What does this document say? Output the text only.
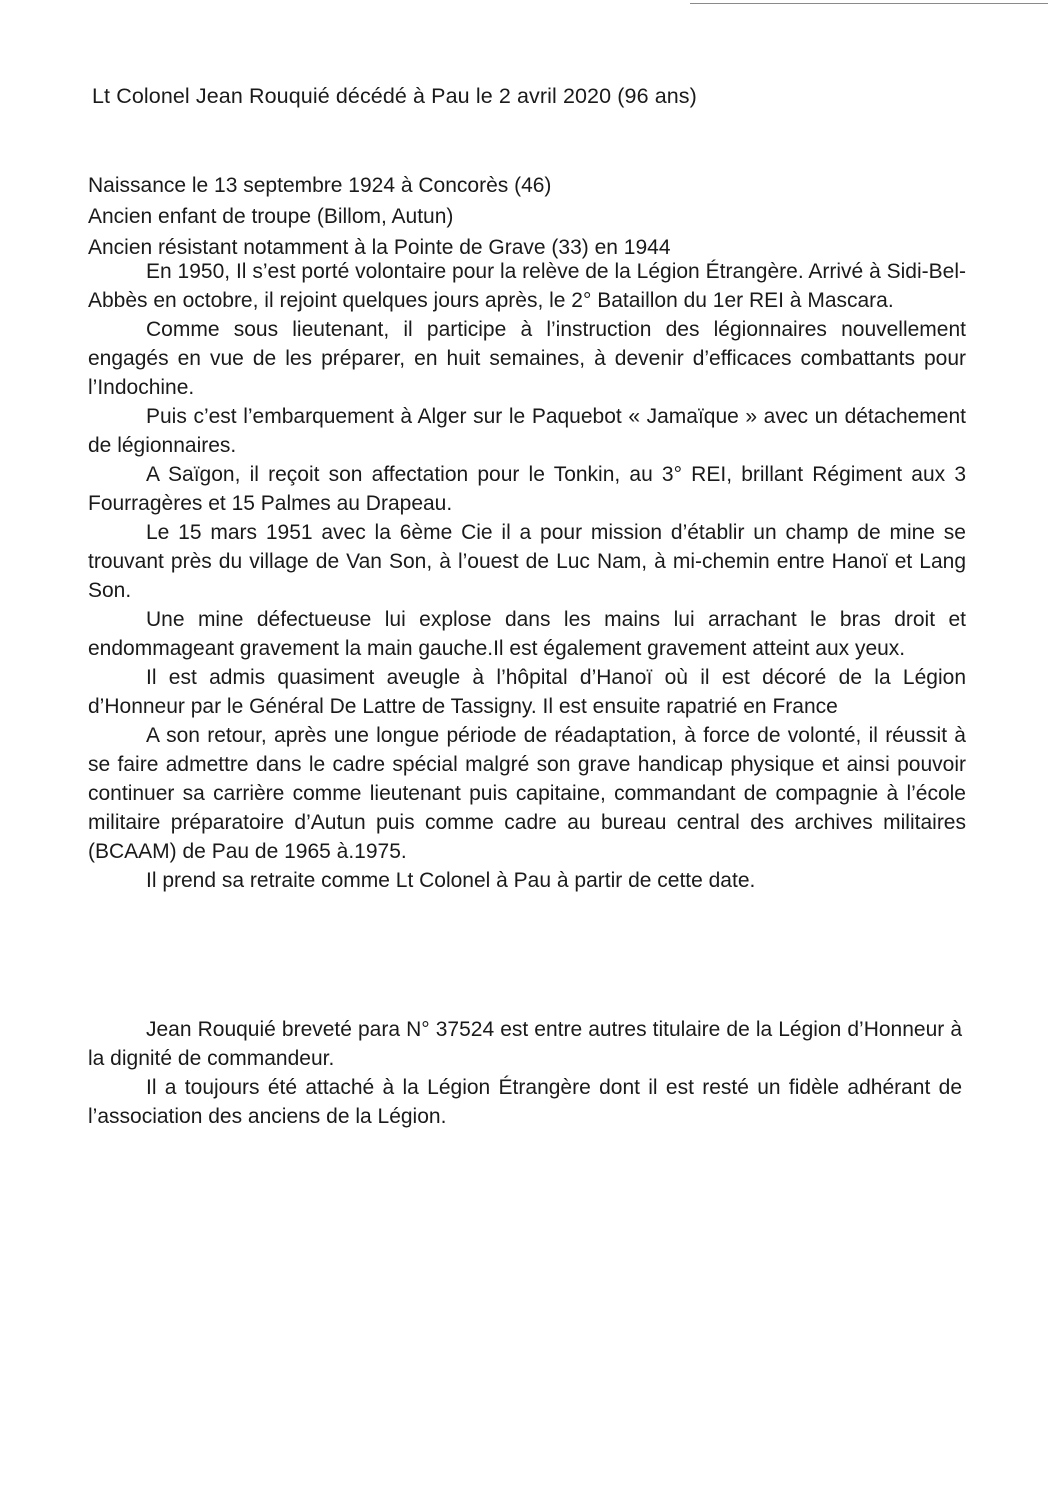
Lt Colonel Jean Rouquié décédé à Pau le 2 avril 2020 (96 ans)
Naissance le 13 septembre 1924 à Concorès (46)
Ancien enfant de troupe (Billom, Autun)
Ancien résistant notamment à la Pointe de Grave (33) en 1944

En 1950, Il s’est porté volontaire pour la relève de la Légion Étrangère. Arrivé à Sidi-Bel-Abbès en octobre, il rejoint quelques jours après, le 2° Bataillon du 1er REI à Mascara.

Comme sous lieutenant, il participe à l’instruction des légionnaires nouvellement engagés en vue de les préparer, en huit semaines, à devenir d’efficaces combattants pour l’Indochine.

Puis c’est l’embarquement à Alger sur le Paquebot « Jamaïque » avec un détachement de légionnaires.

A Saïgon, il reçoit son affectation pour le Tonkin, au 3° REI, brillant Régiment aux 3 Fourragères et 15 Palmes au Drapeau.

Le 15 mars 1951 avec la 6ème Cie il a pour mission d’établir un champ de mine se trouvant près du village de Van Son, à l’ouest de Luc Nam, à mi-chemin entre Hanoï et Lang Son.

Une mine défectueuse lui explose dans les mains lui arrachant le bras droit et endommageant gravement la main gauche.Il est également gravement atteint aux yeux.

Il est admis quasiment aveugle à l’hôpital d’Hanoï où il est décoré de la Légion d’Honneur par le Général De Lattre de Tassigny. Il est ensuite rapatrié en France

A son retour, après une longue période de réadaptation, à force de volonté, il réussit à se faire admettre dans le cadre spécial malgré son grave handicap physique et ainsi pouvoir continuer sa carrière comme lieutenant puis capitaine, commandant de compagnie à l’école militaire préparatoire d’Autun puis comme cadre au bureau central des archives militaires (BCAAM) de Pau de 1965 à.1975.

Il prend sa retraite comme Lt Colonel à Pau à partir de cette date.

Jean Rouquié breveté para N° 37524 est entre autres titulaire de la Légion d’Honneur à la dignité de commandeur.

Il a toujours été attaché à la Légion Étrangère dont il est resté un fidèle adhérant de l’association des anciens de la Légion.
